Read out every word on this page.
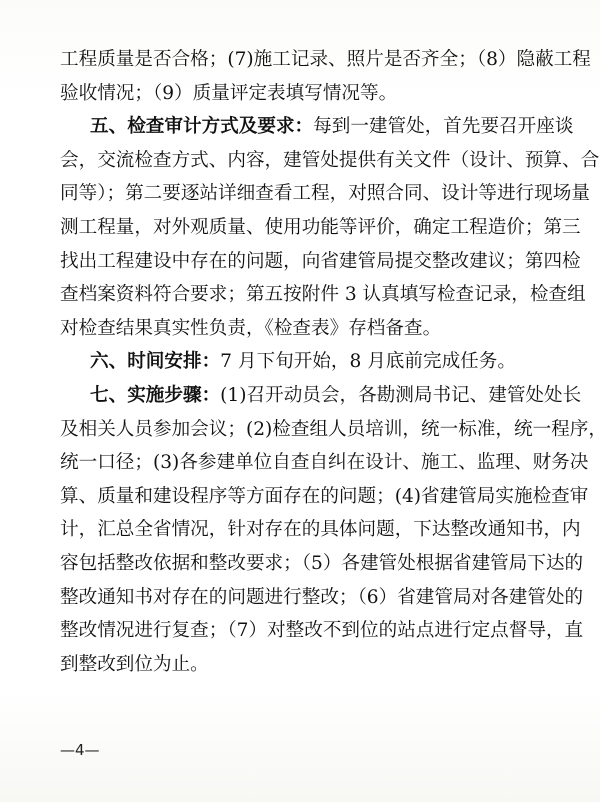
工程质量是否合格；(7)施工记录、照片是否齐全；（8）隐蔽工程
验收情况；（9）质量评定表填写情况等。
五、检查审计方式及要求：每到一建管处，首先要召开座谈
会，交流检查方式、内容，建管处提供有关文件（设计、预算、合
同等）；第二要逐站详细查看工程，对照合同、设计等进行现场量
测工程量，对外观质量、使用功能等评价，确定工程造价；第三
找出工程建设中存在的问题，向省建管局提交整改建议；第四检
查档案资料符合要求；第五按附件 3 认真填写检查记录，检查组
对检查结果真实性负责，《检查表》存档备查。
六、时间安排：7 月下旬开始，8 月底前完成任务。
七、实施步骤：(1)召开动员会，各勘测局书记、建管处处长
及相关人员参加会议；(2)检查组人员培训，统一标准，统一程序，
统一口径；(3)各参建单位自查自纠在设计、施工、监理、财务决
算、质量和建设程序等方面存在的问题；(4)省建管局实施检查审
计，汇总全省情况，针对存在的具体问题，下达整改通知书，内
容包括整改依据和整改要求；（5）各建管处根据省建管局下达的
整改通知书对存在的问题进行整改；（6）省建管局对各建管处的
整改情况进行复查；（7）对整改不到位的站点进行定点督导，直
到整改到位为止。
—4—
